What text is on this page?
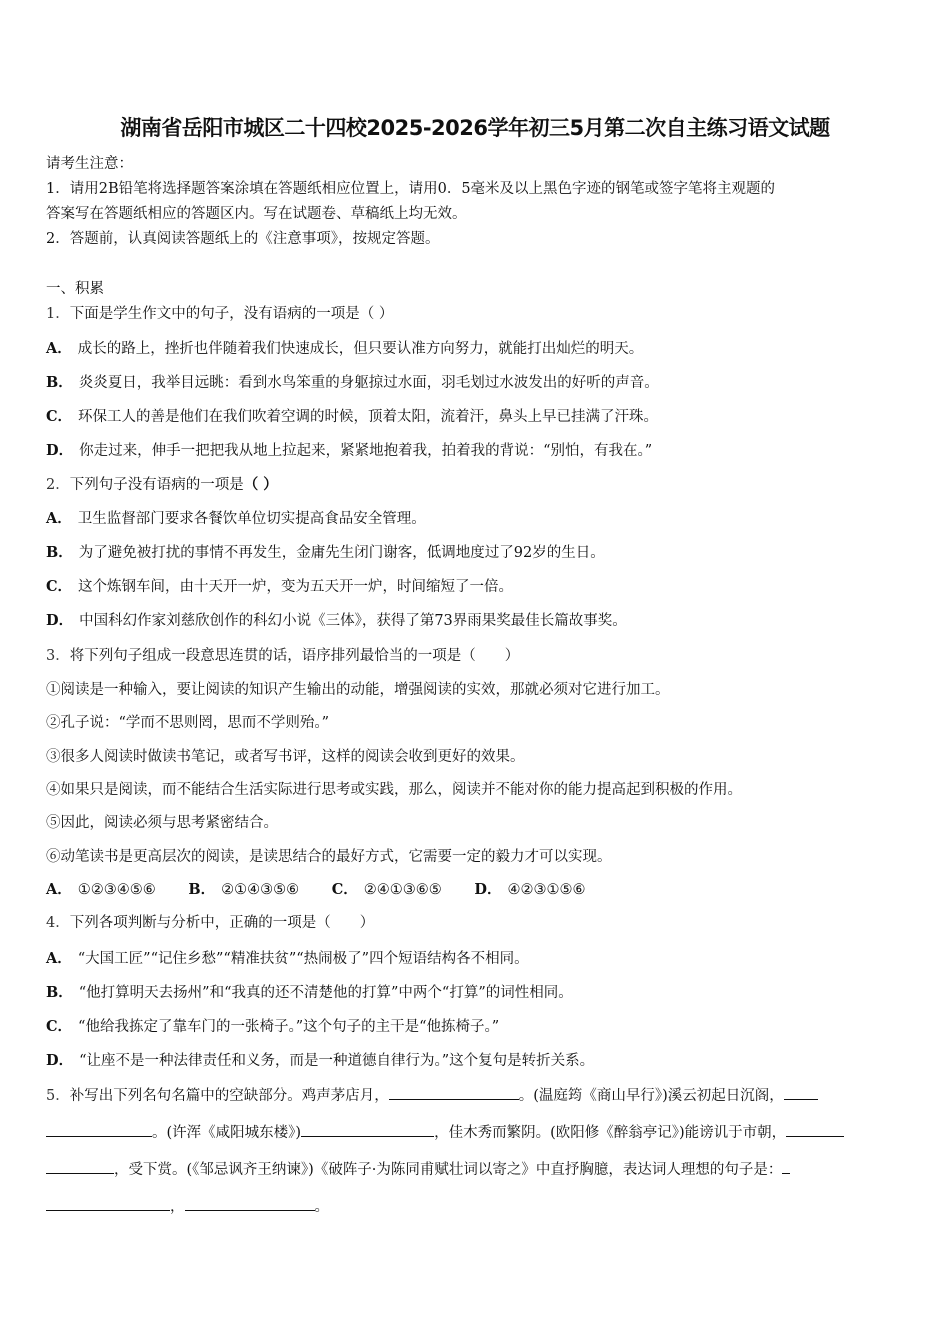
湖南省岳阳市城区二十四校2025-2026学年初三5月第二次自主练习语文试题
请考生注意：
1．请用2B铅笔将选择题答案涂填在答题纸相应位置上，请用0．5毫米及以上黑色字迹的钢笔或签字笔将主观题的
答案写在答题纸相应的答题区内。写在试题卷、草稿纸上均无效。
2．答题前，认真阅读答题纸上的《注意事项》，按规定答题。
一、积累
1．下面是学生作文中的句子，没有语病的一项是（ ）
A． 成长的路上，挫折也伴随着我们快速成长，但只要认准方向努力，就能打出灿烂的明天。
B． 炎炎夏日，我举目远眺：看到水鸟笨重的身躯掠过水面，羽毛划过水波发出的好听的声音。
C． 环保工人的善是他们在我们吹着空调的时候，顶着太阳，流着汗，鼻头上早已挂满了汗珠。
D． 你走过来，伸手一把把我从地上拉起来，紧紧地抱着我，拍着我的背说：“别怕，有我在。”
2．下列句子没有语病的一项是（ ）
A． 卫生监督部门要求各餐饮单位切实提高食品安全管理。
B． 为了避免被打扰的事情不再发生，金庸先生闭门谢客，低调地度过了92岁的生日。
C． 这个炼钢车间，由十天开一炉，变为五天开一炉，时间缩短了一倍。
D． 中国科幻作家刘慈欣创作的科幻小说《三体》，获得了第73界雨果奖最佳长篇故事奖。
3．将下列句子组成一段意思连贯的话，语序排列最恰当的一项是（　　）
①阅读是一种输入，要让阅读的知识产生输出的动能，增强阅读的实效，那就必须对它进行加工。
②孔子说：“学而不思则罔，思而不学则殆。”
③很多人阅读时做读书笔记，或者写书评，这样的阅读会收到更好的效果。
④如果只是阅读，而不能结合生活实际进行思考或实践，那么，阅读并不能对你的能力提高起到积极的作用。
⑤因此，阅读必须与思考紧密结合。
⑥动笔读书是更高层次的阅读，是读思结合的最好方式，它需要一定的毅力才可以实现。
A． ①②③④⑤⑥ B． ②①④③⑤⑥ C． ②④①③⑥⑤ D． ④②③①⑤⑥
4．下列各项判断与分析中，正确的一项是（　　）
A． “大国工匠”“记住乡愁”“精准扶贫”“热闹极了”四个短语结构各不相同。
B． “他打算明天去扬州”和“我真的还不清楚他的打算”中两个“打算”的词性相同。
C． “他给我拣定了靠车门的一张椅子。”这个句子的主干是“他拣椅子。”
D． “让座不是一种法律责任和义务，而是一种道德自律行为。”这个复句是转折关系。
5．补写出下列名句名篇中的空缺部分。鸡声茅店月，	。(温庭筠《商山早行》)溪云初起日沉阁，
。(许浑《咸阳城东楼》)	，佳木秀而繁阴。(欧阳修《醉翁亭记》)能谤讥于市朝，
，受下赏。(《邹忌讽齐王纳谏》)《破阵子·为陈同甫赋壮词以寄之》中直抒胸臆，表达词人理想的句子是：
，	。
